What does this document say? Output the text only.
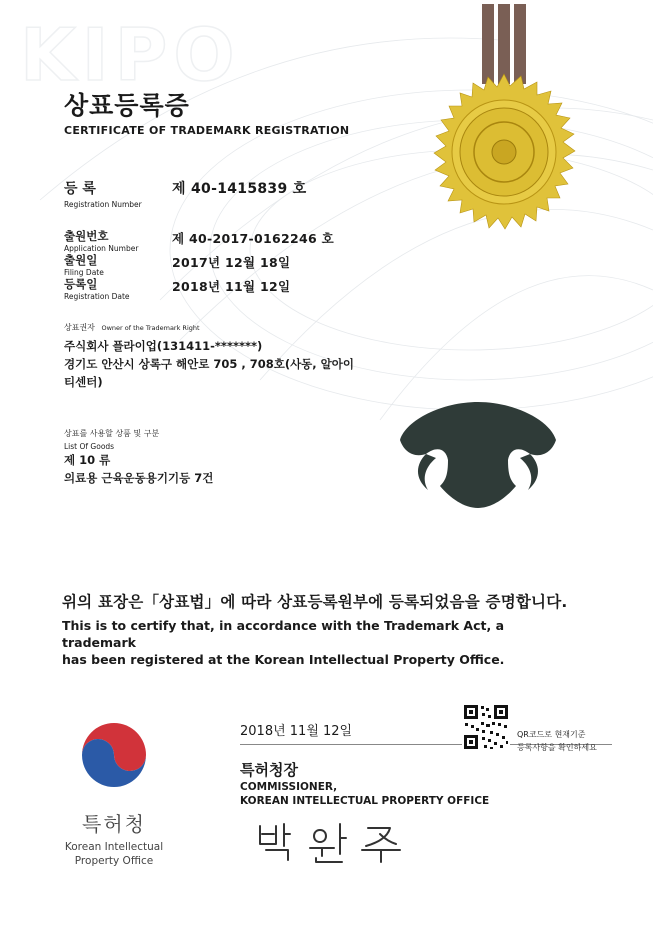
KIPO
상표등록증
CERTIFICATE OF TRADEMARK REGISTRATION
등 록
Registration Number
제 40-1415839 호
출원번호
Application Number
제 40-2017-0162246 호
출원일
Filing Date
2017년 12월 18일
등록일
Registration Date
2018년 11월 12일
상표권자 Owner of the Trademark Right
주식회사 플라이업(131411-*******)
경기도 안산시 상록구 해안로 705 , 708호(사동, 알아이
티센터)
상표를 사용할 상품 및 구분
List Of Goods
제 10 류
의료용 근육운동용기기등 7건
위의 표장은「상표법」에 따라 상표등록원부에 등록되었음을 증명합니다.
This is to certify that, in accordance with the Trademark Act, a trademark
has been registered at the Korean Intellectual Property Office.
특허청
Korean Intellectual
Property Office
2018년 11월 12일	QR코드로 현재기준
등록사항을 확인하세요
특허청장
COMMISSIONER,
KOREAN INTELLECTUAL PROPERTY OFFICE
